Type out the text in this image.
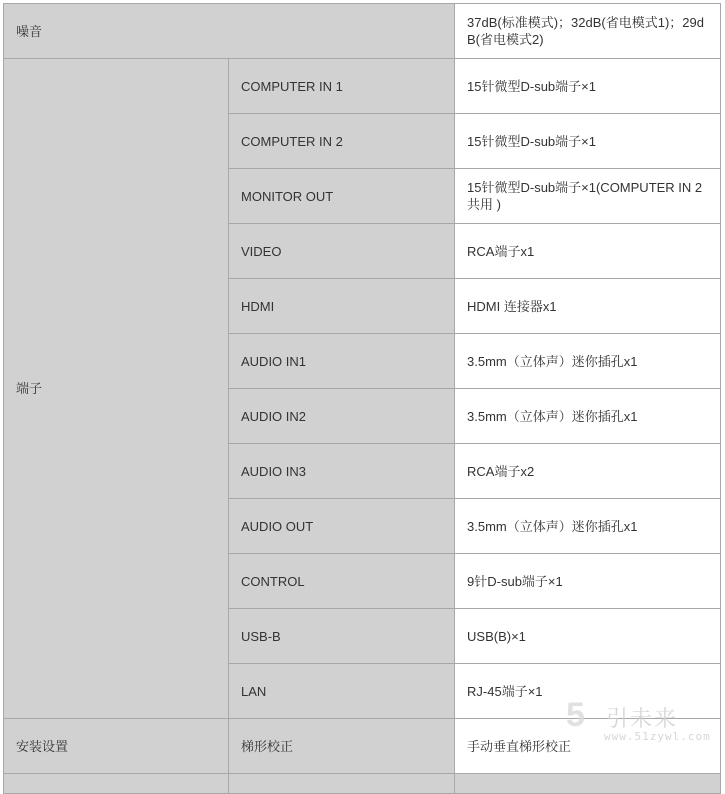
噪音		37dB(标准模式)；32dB(省电模式1)；29dB(省电模式2)
端子	COMPUTER IN 1	15针微型D-sub端子×1
	COMPUTER IN 2	15针微型D-sub端子×1
	MONITOR OUT	15针微型D-sub端子×1(COMPUTER IN 2共用 )
	VIDEO	RCA端子x1
	HDMI	HDMI 连接器x1
	AUDIO IN1	3.5mm（立体声）迷你插孔x1
	AUDIO IN2	3.5mm（立体声）迷你插孔x1
	AUDIO IN3	RCA端子x2
	AUDIO OUT	3.5mm（立体声）迷你插孔x1
	CONTROL	9针D-sub端子×1
	USB-B	USB(B)×1
	LAN	RJ-45端子×1
安装设置	梯形校正	手动垂直梯形校正

5 引未来
www.51zywl.com
